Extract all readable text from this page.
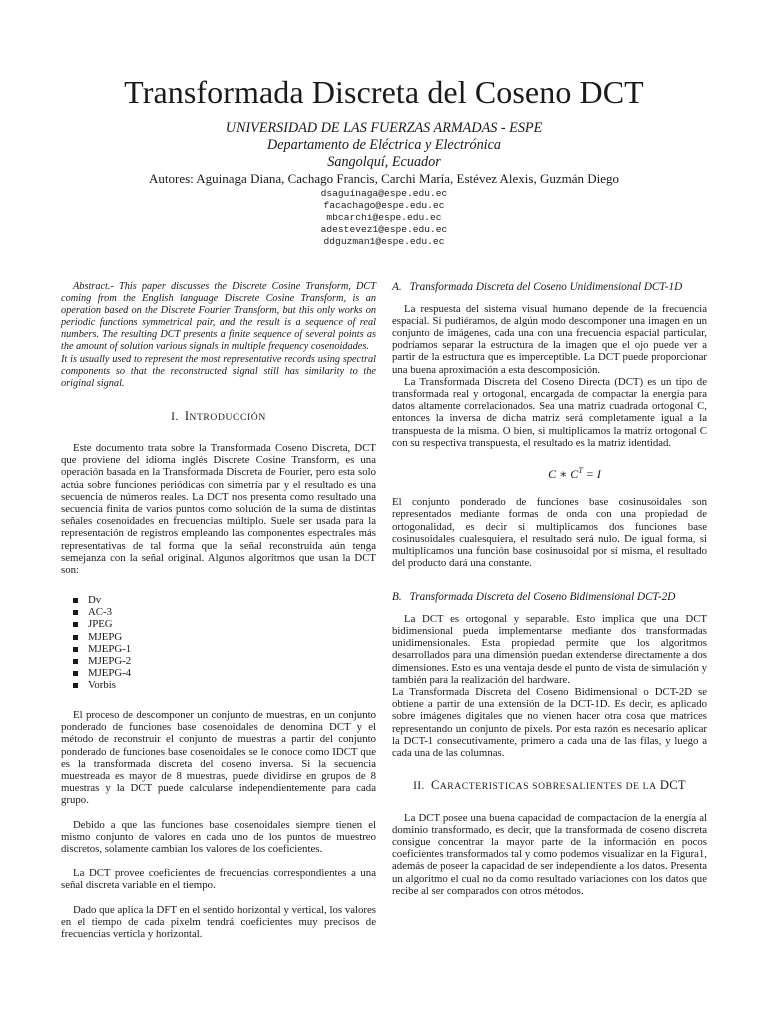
Transformada Discreta del Coseno DCT
UNIVERSIDAD DE LAS FUERZAS ARMADAS - ESPE
Departamento de Eléctrica y Electrónica
Sangolquí, Ecuador
Autores: Aguinaga Diana, Cachago Francis, Carchi María, Estévez Alexis, Guzmán Diego
dsaguinaga@espe.edu.ec
facachago@espe.edu.ec
mbcarchi@espe.edu.ec
adestevez1@espe.edu.ec
ddguzman1@espe.edu.ec

Abstract.- This paper discusses the Discrete Cosine Transform, DCT coming from the English language Discrete Cosine Transform, is an operation based on the Discrete Fourier Transform, but this only works on periodic functions symmetrical pair, and the result is a sequence of real numbers. The resulting DCT presents a finite sequence of several points as the amount of solution various signals in multiple frequency cosenoidades.

It is usually used to represent the most representative records using spectral components so that the reconstructed signal still has similarity to the original signal.

I. INTRODUCCIÓN

Este documento trata sobre la Transformada Coseno Discreta, DCT que proviene del idioma inglés Discrete Cosine Transform, es una operación basada en la Transformada Discreta de Fourier, pero esta solo actúa sobre funciones periódicas con simetría par y el resultado es una secuencia de números reales. La DCT nos presenta como resultado una secuencia finita de varios puntos como solución de la suma de distintas señales cosenoidades en frecuencias múltiplo. Suele ser usada para la representación de registros empleando las componentes espectrales más representativas de tal forma que la señal reconstruida aún tenga semejanza con la señal original. Algunos algoritmos que usan la DCT son:

Dv
AC-3
JPEG
MJEPG
MJEPG-1
MJEPG-2
MJEPG-4
Vorbis

El proceso de descomponer un conjunto de muestras, en un conjunto ponderado de funciones base cosenoidales de denomina DCT y el método de reconstruir el conjunto de muestras a partir del conjunto ponderado de funciones base cosenoidales se le conoce como IDCT que es la transformada discreta del coseno inversa. Si la secuencia muestreada es mayor de 8 muestras, puede dividirse en grupos de 8 muestras y la DCT puede calcularse independientemente para cada grupo.

Debido a que las funciones base cosenoidales siempre tienen el mismo conjunto de valores en cada uno de los puntos de muestreo discretos, solamente cambian los valores de los coeficientes.

La DCT provee coeficientes de frecuencias correspondientes a una señal discreta variable en el tiempo.

Dado que aplica la DFT en el sentido horizontal y vertical, los valores en el tiempo de cada pixelm tendrá coeficientes muy precisos de frecuencias vertícla y horizontal.

A. Transformada Discreta del Coseno Unidimensional DCT-1D

La respuesta del sistema visual humano depende de la frecuencia espacial. Si pudiéramos, de algún modo descomponer una imagen en un conjunto de imágenes, cada una con una frecuencia espacial particular, podríamos separar la estructura de la imagen que el ojo puede ver a partir de la estructura que es imperceptible. La DCT puede proporcionar una buena aproximación a esta descomposición.

La Transformada Discreta del Coseno Directa (DCT) es un tipo de transformada real y ortogonal, encargada de compactar la energía para datos altamente correlacionados. Sea una matriz cuadrada ortogonal C, entonces la inversa de dicha matriz será completamente igual a la transpuesta de la misma. O bien, si multiplicamos la matriz ortogonal C con su respectiva transpuesta, el resultado es la matriz identidad.

C ∗ $C^T = I$

El conjunto ponderado de funciones base cosinusoidales son representados mediante formas de onda con una propiedad de ortogonalidad, es decir si multiplicamos dos funciones base cosinusoidales cualesquiera, el resultado será nulo. De igual forma, si multiplicamos una función base cosinusoidal por sí misma, el resultado del producto dará una constante.

B. Transformada Discreta del Coseno Bidimensional DCT-2D

La DCT es ortogonal y separable. Esto implica que una DCT bidimensional pueda implementarse mediante dos transformadas unidimensionales. Esta propiedad permite que los algoritmos desarrollados para una dimensión puedan extenderse directamente a dos dimensiones. Esto es una ventaja desde el punto de vista de simulación y también para la realización del hardware.

La Transformada Discreta del Coseno Bidimensional o DCT-2D se obtiene a partir de una extensión de la DCT-1D. Es decir, es aplicado sobre imágenes digitales que no vienen hacer otra cosa que matrices representando un conjunto de pixels. Por esta razón es necesario aplicar la DCT-1 consecutivamente, primero a cada una de las filas, y luego a cada una de las columnas.

II. CARACTERISTICAS SOBRESALIENTES DE LA DCT

La DCT posee una buena capacidad de compactacíon de la energía al dominio transformado, es decir, que la transformada de coseno discreta consigue concentrar la mayor parte de la información en pocos coeficientes transformados tal y como podemos visualizar en la Figura1, además de poseer la capacidad de ser independiente a los datos. Presenta un algoritmo el cual no da como resultado variaciones con los datos que recibe al ser comparados con otros métodos.
